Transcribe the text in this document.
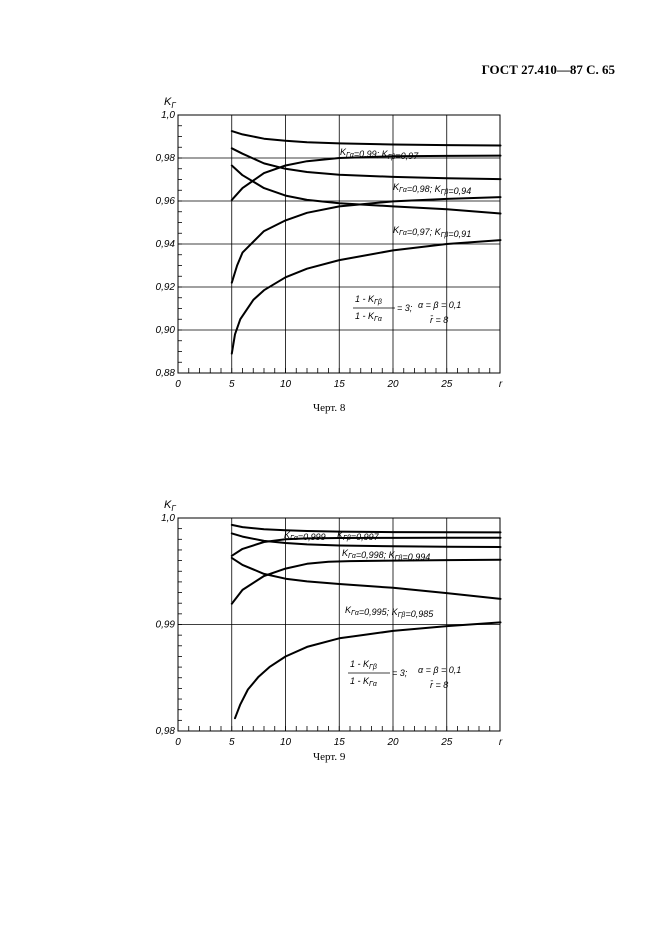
ГОСТ 27.410—87 С. 65
0	5	10	15	20	25	r
1,0
0,98
0,96
0,94
0,92
0,90
0,88
$K_Г$
$K_{Г\alpha}=0,99$; $K_{Г\beta}=0,97$
$K_{Г\alpha}=0,98$; $K_{Г\beta}=0,94$
$K_{Г\alpha}=0,97$; $K_{Г\beta}=0,91$
$1 - K_{Г\beta}$
$1 - K_{Г\alpha}$
= 3; α = β = 0,1
r̄ = 8
0	5	10	15	20	25	r
1,0
0,99
0,98
$K_Г$
$K_{Г\alpha}=0,999$ $K_{Г\beta}=0,997$
$K_{Г\alpha}=0,998$; $K_{Г\beta}=0,994$
$K_{Г\alpha}=0,995$; $K_{Г\beta}=0,985$
$1 - K_{Г\beta}$
$1 - K_{Г\alpha}$
= 3; α = β = 0,1
r̄ = 8
Черт. 8
Черт. 9
